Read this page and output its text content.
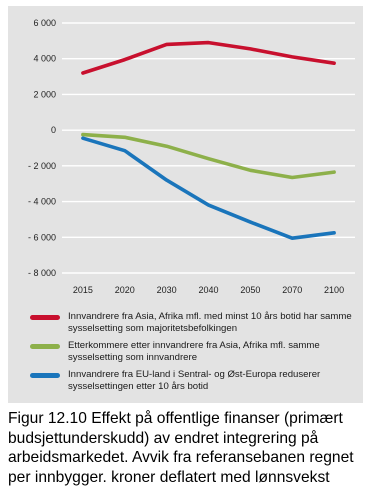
6 000
4 000
2 000
0
- 2 000
- 4 000
- 6 000
- 8 000
2015 2020 2030 2040 2050 2070 2100
Innvandrere fra Asia, Afrika mfl. med minst 10 års botid har samme sysselsetting som majoritetsbefolkingen
Etterkommere etter innvandrere fra Asia, Afrika mfl. samme sysselsetting som innvandrere
Innvandrere fra EU-land i Sentral- og Øst-Europa reduserer sysselsettingen etter 10 års botid
Figur 12.10 Effekt på offentlige finanser (primært budsjettunderskudd) av endret integrering på arbeidsmarkedet. Avvik fra referansebanen regnet per innbygger. kroner deflatert med lønnsvekst
